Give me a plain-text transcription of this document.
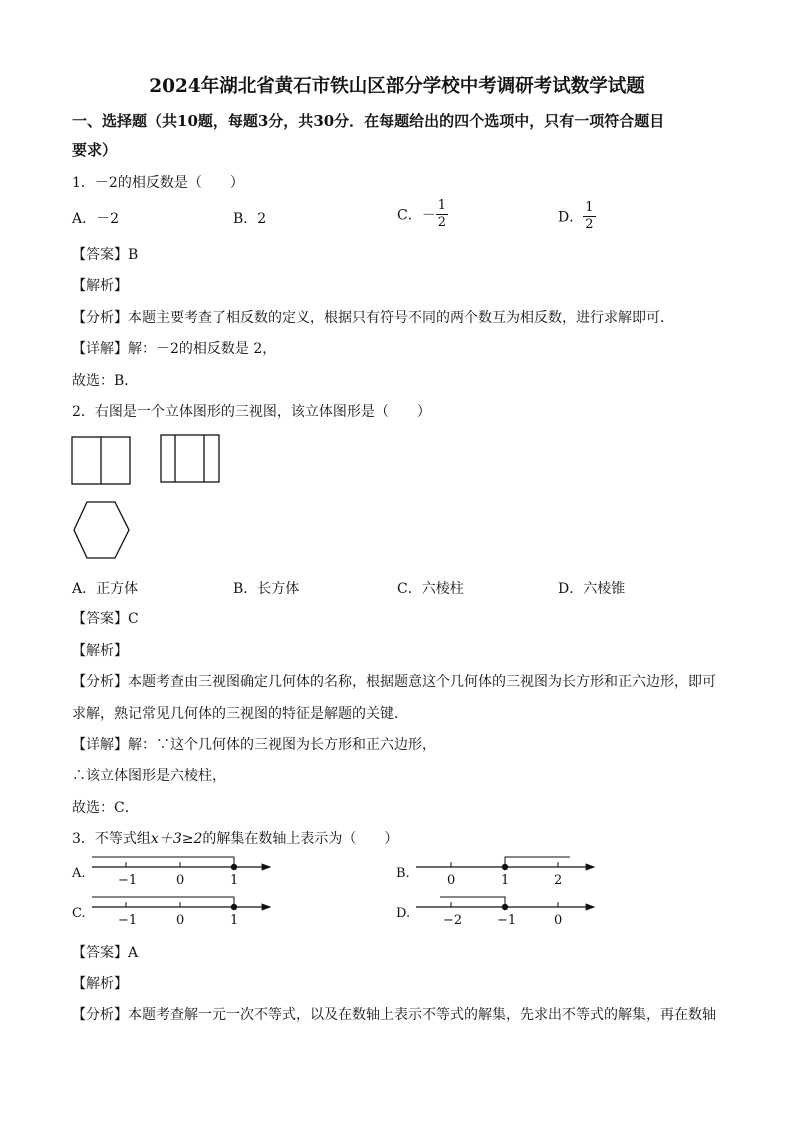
2024年湖北省黄石市铁山区部分学校中考调研考试数学试题
一、选择题（共10题，每题3分，共30分．在每题给出的四个选项中，只有一项符合题目
要求）
1．－2的相反数是（　　）
A．－2	B．2	C．－ $\frac{1}{2}$	D． $\frac{1}{2}$
【答案】B
【解析】
【分析】本题主要考查了相反数的定义，根据只有符号不同的两个数互为相反数，进行求解即可．
【详解】解：－2的相反数是 2，
故选：B．
2．右图是一个立体图形的三视图，该立体图形是（　　）
A．正方体	B．长方体	C．六棱柱	D．六棱锥
【答案】C
【解析】
【分析】本题考查由三视图确定几何体的名称，根据题意这个几何体的三视图为长方形和正六边形，即可
求解，熟记常见几何体的三视图的特征是解题的关键．
【详解】解：∵这个几何体的三视图为长方形和正六边形，
∴该立体图形是六棱柱，
故选：C．
3．不等式组x＋3≥2的解集在数轴上表示为（　　）
A. −1	0	1	B.	0	1	2
C. −1	0	1	D.	−2	−1	0
【答案】A
【解析】
【分析】本题考查解一元一次不等式，以及在数轴上表示不等式的解集，先求出不等式的解集，再在数轴
